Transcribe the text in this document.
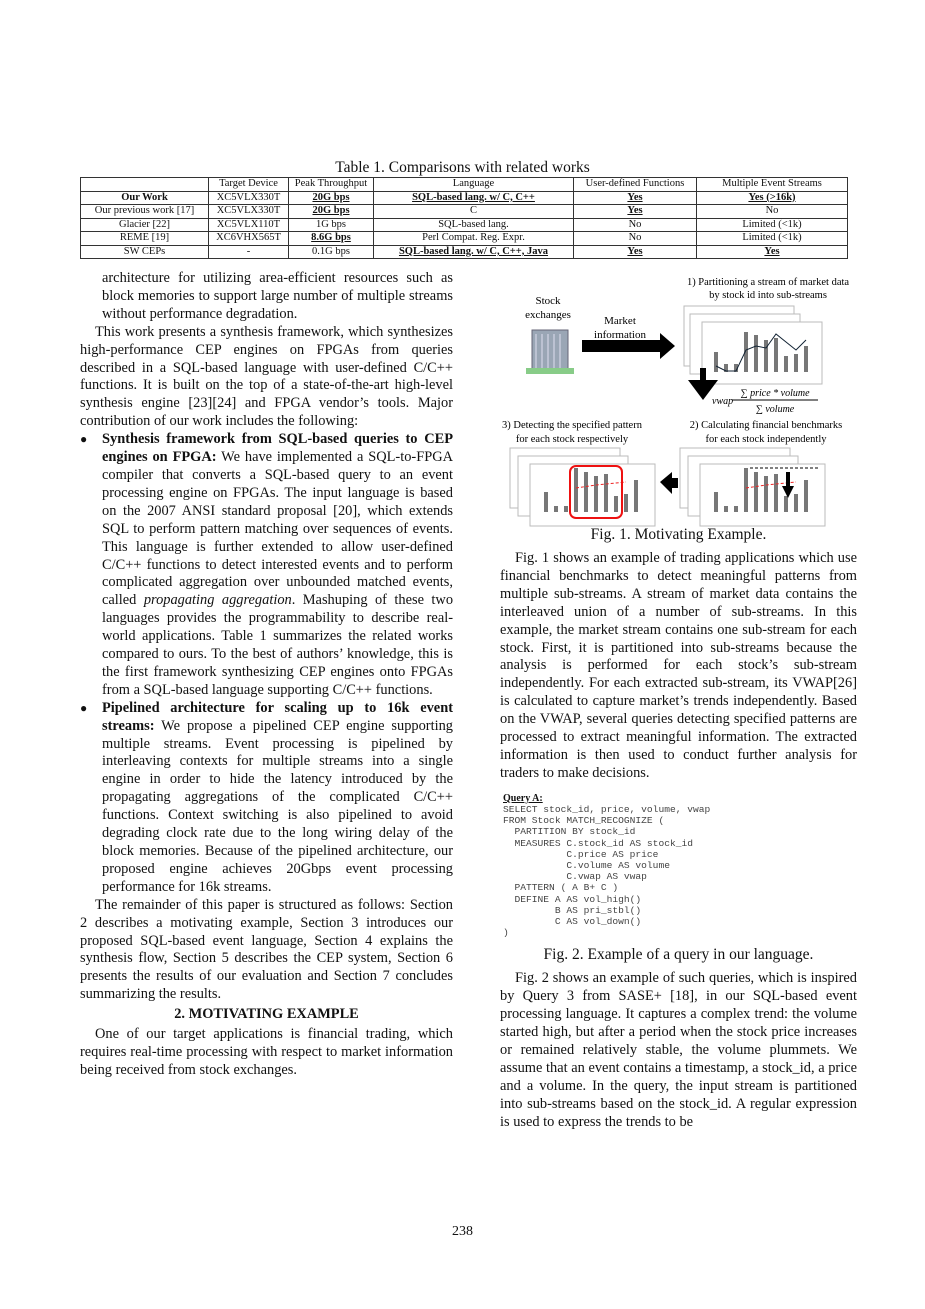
Table 1. Comparisons with related works
	Target Device	Peak Throughput	Language	User-defined Functions	Multiple Event Streams
Our Work	XC5VLX330T	20G bps	SQL-based lang. w/ C, C++	Yes	Yes (>16k)
Our previous work [17]	XC5VLX330T	20G bps	C	Yes	No
Glacier [22]	XC5VLX110T	1G bps	SQL-based lang.	No	Limited (<1k)
REME [19]	XC6VHX565T	8.6G bps	Perl Compat. Reg. Expr.	No	Limited (<1k)
SW CEPs	-	0.1G bps	SQL-based lang. w/ C, C++, Java	Yes	Yes

architecture for utilizing area-efficient resources such as block memories to support large number of multiple streams without performance degradation.

This work presents a synthesis framework, which synthesizes high-performance CEP engines on FPGAs from queries described in a SQL-based language with user-defined C/C++ functions. It is built on the top of a state-of-the-art high-level synthesis engine [23][24] and FPGA vendor’s tools. Major contribution of our work includes the following:

● Synthesis framework from SQL-based queries to CEP engines on FPGA: We have implemented a SQL-to-FPGA compiler that converts a SQL-based query to an event processing engine on FPGAs. The input language is based on the 2007 ANSI standard proposal [20], which extends SQL to perform pattern matching over sequences of events. This language is further extended to allow user-defined C/C++ functions to detect interested events and to perform complicated aggregation over unbounded matched events, called propagating aggregation. Mashuping of these two languages provides the programmability to describe real-world applications. Table 1 summarizes the related works compared to ours. To the best of authors’ knowledge, this is the first framework synthesizing CEP engines onto FPGAs from a SQL-based language supporting C/C++ functions.
● Pipelined architecture for scaling up to 16k event streams: We propose a pipelined CEP engine supporting multiple streams. Event processing is pipelined by interleaving contexts for multiple streams into a single engine in order to hide the latency introduced by the propagating aggregations of the complicated C/C++ functions. Context switching is also pipelined to avoid degrading clock rate due to the long wiring delay of the block memories. Because of the pipelined architecture, our proposed engine achieves 20Gbps event processing performance for 16k streams.

The remainder of this paper is structured as follows: Section 2 describes a motivating example, Section 3 introduces our proposed SQL-based event language, Section 4 explains the synthesis flow, Section 5 describes the CEP system, Section 6 presents the results of our evaluation and Section 7 concludes summarizing the results.

2. MOTIVATING EXAMPLE

One of our target applications is financial trading, which requires real-time processing with respect to market information being received from stock exchanges.

Stock
exchanges	Market
information
1) Partitioning a stream of market data
by stock id into sub-streams
vwap
∑ price * volume
∑ volume
3) Detecting the specified pattern
for each stock respectively
2) Calculating financial benchmarks
for each stock independently
Fig. 1. Motivating Example.

Fig. 1 shows an example of trading applications which use financial benchmarks to detect meaningful patterns from multiple sub-streams. A stream of market data contains the interleaved union of a number of sub-streams. In this example, the market stream contains one sub-stream for each stock. First, it is partitioned into sub-streams because the analysis is performed for each stock’s sub-stream independently. For each extracted sub-stream, its VWAP[26] is calculated to capture market’s trends independently. Based on the VWAP, several queries detecting specified patterns are processed to extract meaningful information. The extracted information is then used to conduct further analysis for traders to make decisions.

Query A:
SELECT stock_id, price, volume, vwap
FROM Stock MATCH_RECOGNIZE (
PARTITION BY stock_id
MEASURES C.stock_id AS stock_id
C.price AS price
C.volume AS volume
C.vwap AS vwap
PATTERN ( A B+ C )
DEFINE A AS vol_high()
B AS pri_stbl()
C AS vol_down()
)
Fig. 2. Example of a query in our language.

Fig. 2 shows an example of such queries, which is inspired by Query 3 from SASE+ [18], in our SQL-based event processing language. It captures a complex trend: the volume started high, but after a period when the stock price increases or remained relatively stable, the volume plummets. We assume that an event contains a timestamp, a stock_id, a price and a volume. In the query, the input stream is partitioned into sub-streams based on the stock_id. A regular expression is used to express the trends to be

238
